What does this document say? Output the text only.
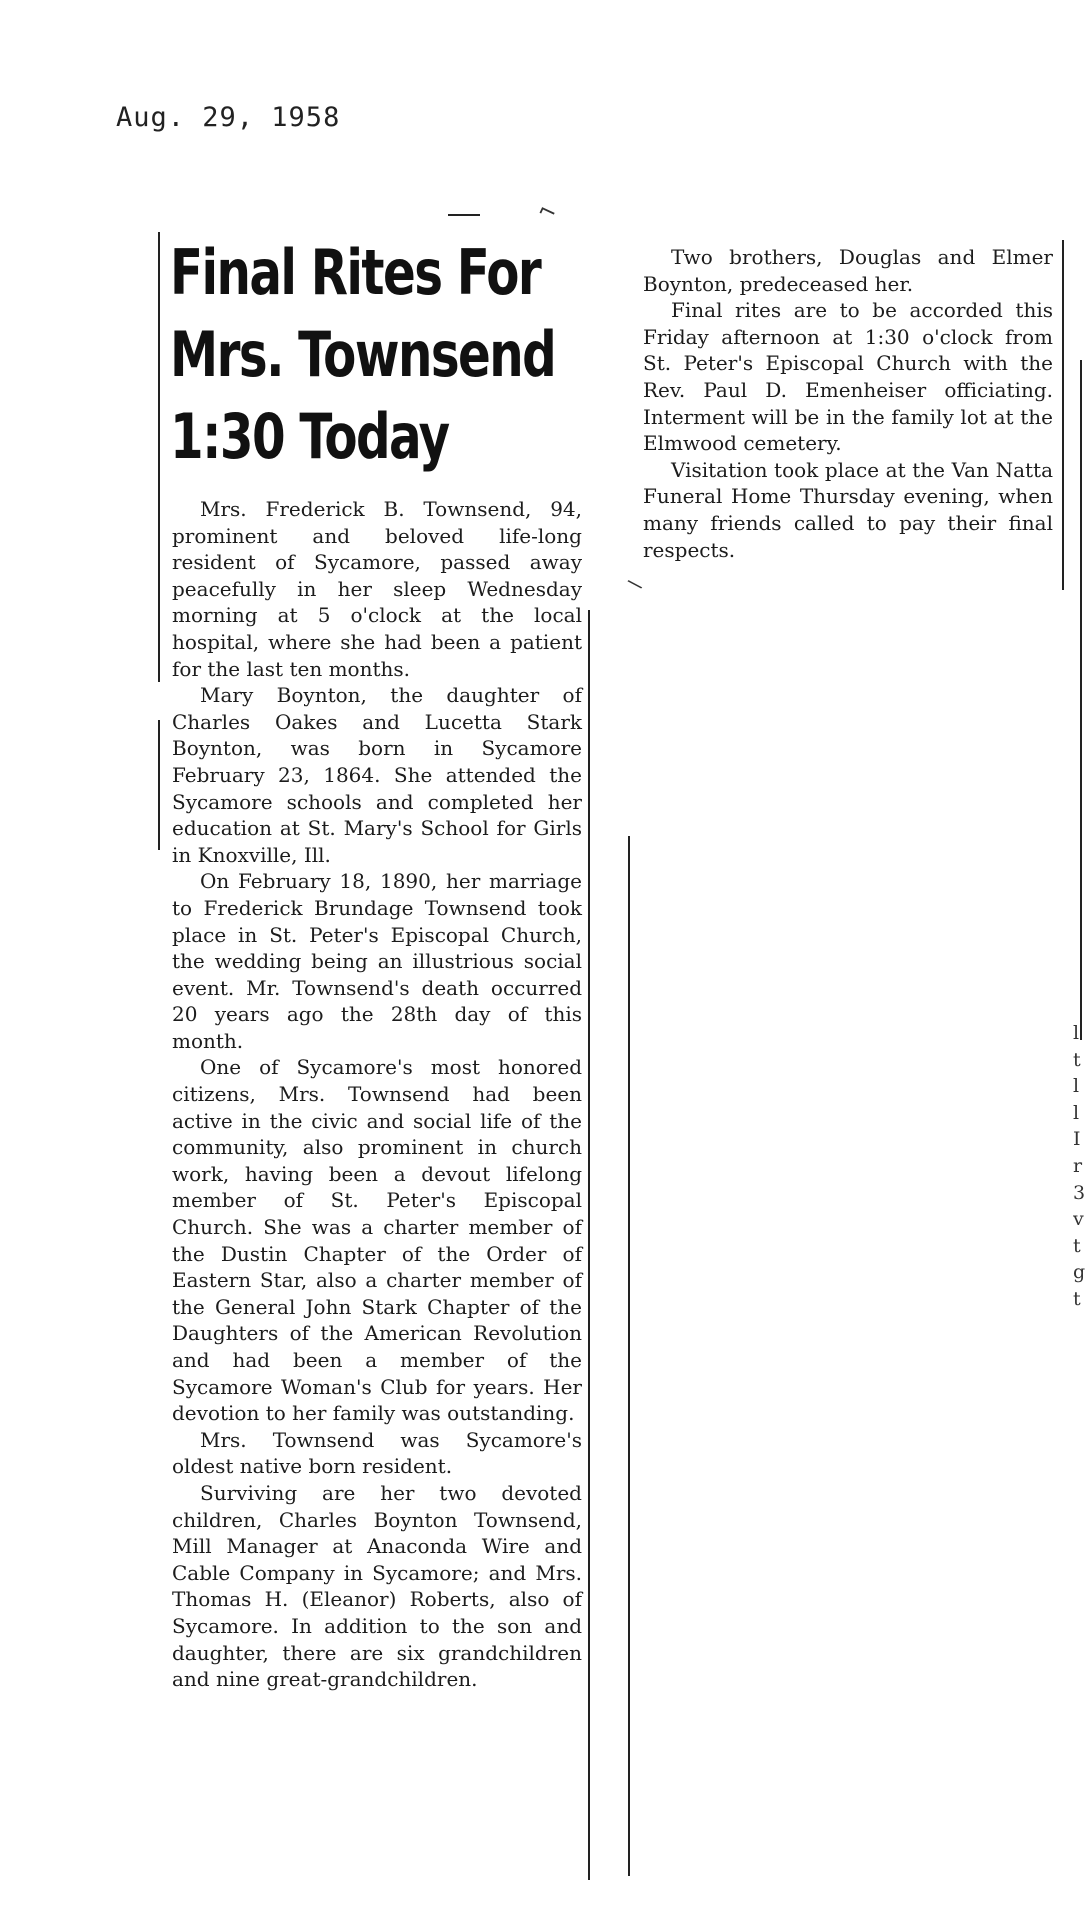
Aug. 29, 1958
⌐
\
Final Rites For
Mrs. Townsend
1:30 Today

Mrs. Frederick B. Townsend, 94, prominent and beloved life-long resident of Sycamore, passed away peacefully in her sleep Wednesday morning at 5 o'clock at the local hospital, where she had been a patient for the last ten months.

Mary Boynton, the daughter of Charles Oakes and Lucetta Stark Boynton, was born in Sycamore February 23, 1864. She attended the Sycamore schools and completed her education at St. Mary's School for Girls in Knoxville, Ill.

On February 18, 1890, her marriage to Frederick Brundage Townsend took place in St. Peter's Episcopal Church, the wedding being an illustrious social event. Mr. Townsend's death occurred 20 years ago the 28th day of this month.

One of Sycamore's most honored citizens, Mrs. Townsend had been active in the civic and social life of the community, also prominent in church work, having been a devout lifelong member of St. Peter's Episcopal Church. She was a charter member of the Dustin Chapter of the Order of Eastern Star, also a charter member of the General John Stark Chapter of the Daughters of the American Revolution and had been a member of the Sycamore Woman's Club for years. Her devotion to her family was outstanding.

Mrs. Townsend was Sycamore's oldest native born resident.

Surviving are her two devoted children, Charles Boynton Townsend, Mill Manager at Anaconda Wire and Cable Company in Sycamore; and Mrs. Thomas H. (Eleanor) Roberts, also of Sycamore. In addition to the son and daughter, there are six grandchildren and nine great-grandchildren.

Two brothers, Douglas and Elmer Boynton, predeceased her.

Final rites are to be accorded this Friday afternoon at 1:30 o'clock from St. Peter's Episcopal Church with the Rev. Paul D. Emenheiser officiating. Interment will be in the family lot at the Elmwood cemetery.

Visitation took place at the Van Natta Funeral Home Thursday evening, when many friends called to pay their final respects.

l
t
l
l
I
r
3
v
t
g
t
